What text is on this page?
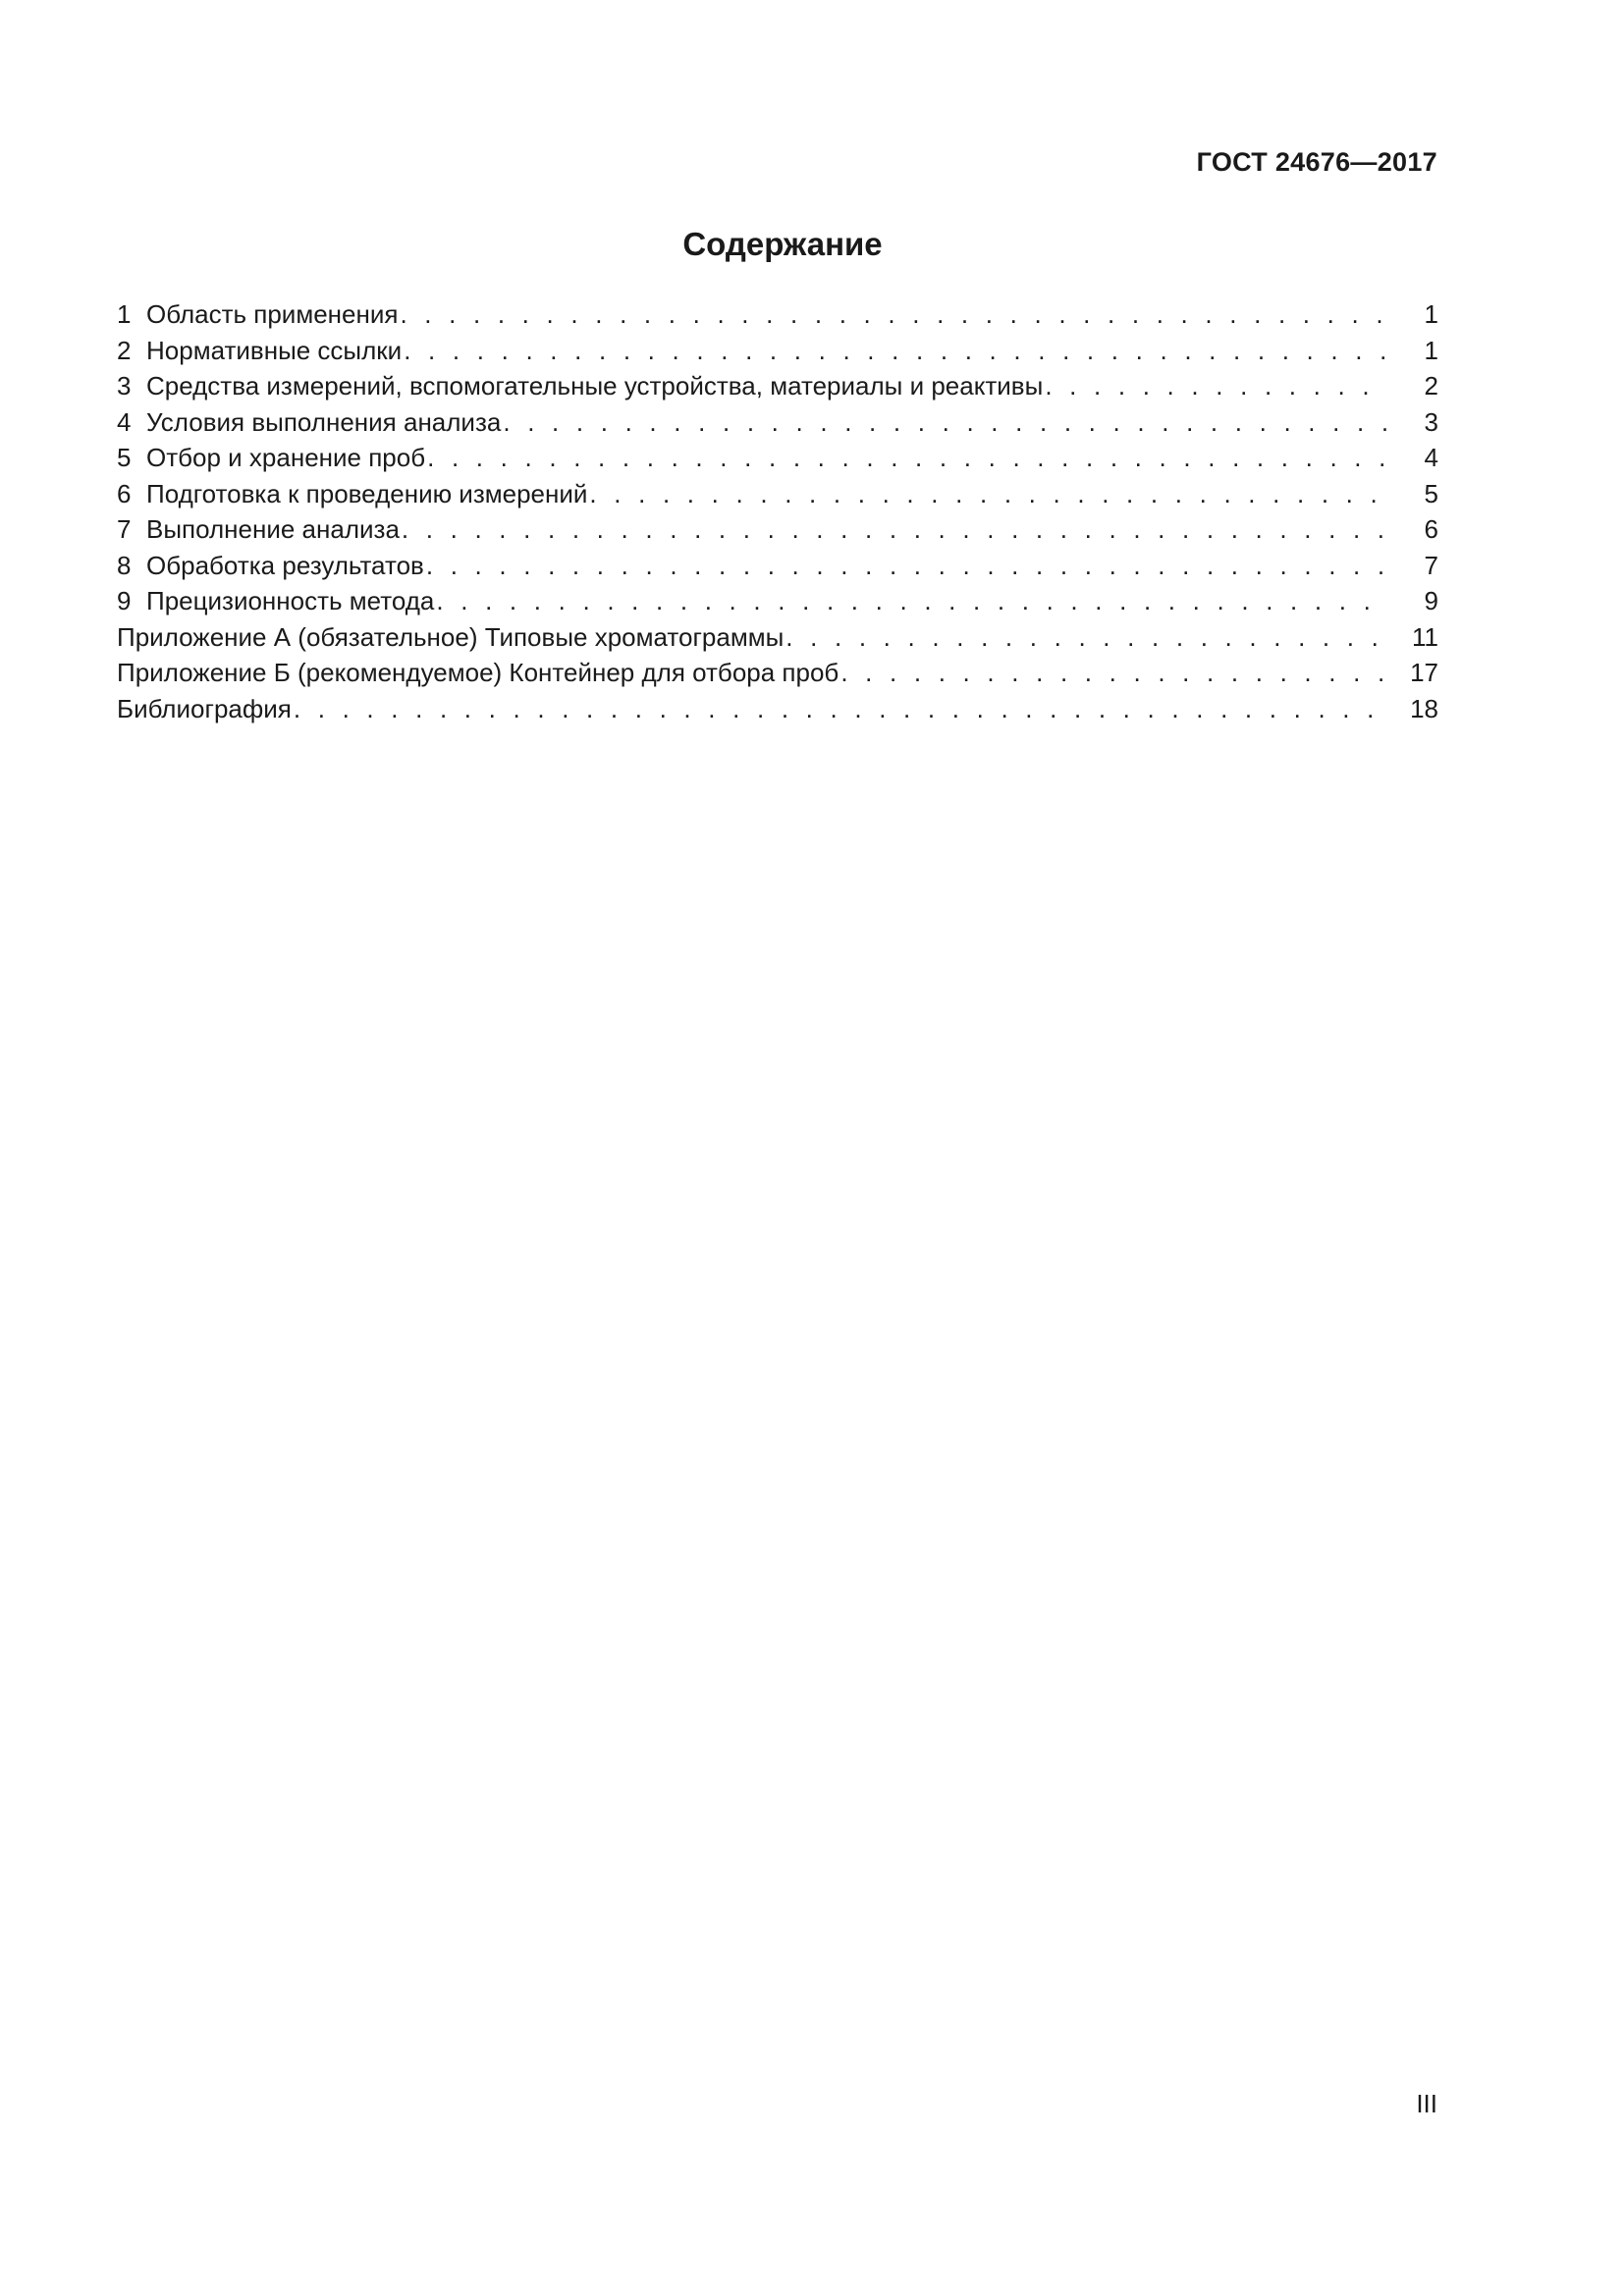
ГОСТ 24676—2017

Содержание
1 Область применения . . .	1
2 Нормативные ссылки . . .	1
3 Средства измерений, вспомогательные устройства, материалы и реактивы . . .	2
4 Условия выполнения анализа . . .	3
5 Отбор и хранение проб . . .	4
6 Подготовка к проведению измерений . . .	5
7 Выполнение анализа . . .	6
8 Обработка результатов . . .	7
9 Прецизионность метода . . .	9
Приложение А (обязательное) Типовые хроматограммы . . .	11
Приложение Б (рекомендуемое) Контейнер для отбора проб . . .	17
Библиография . . .	18

III
